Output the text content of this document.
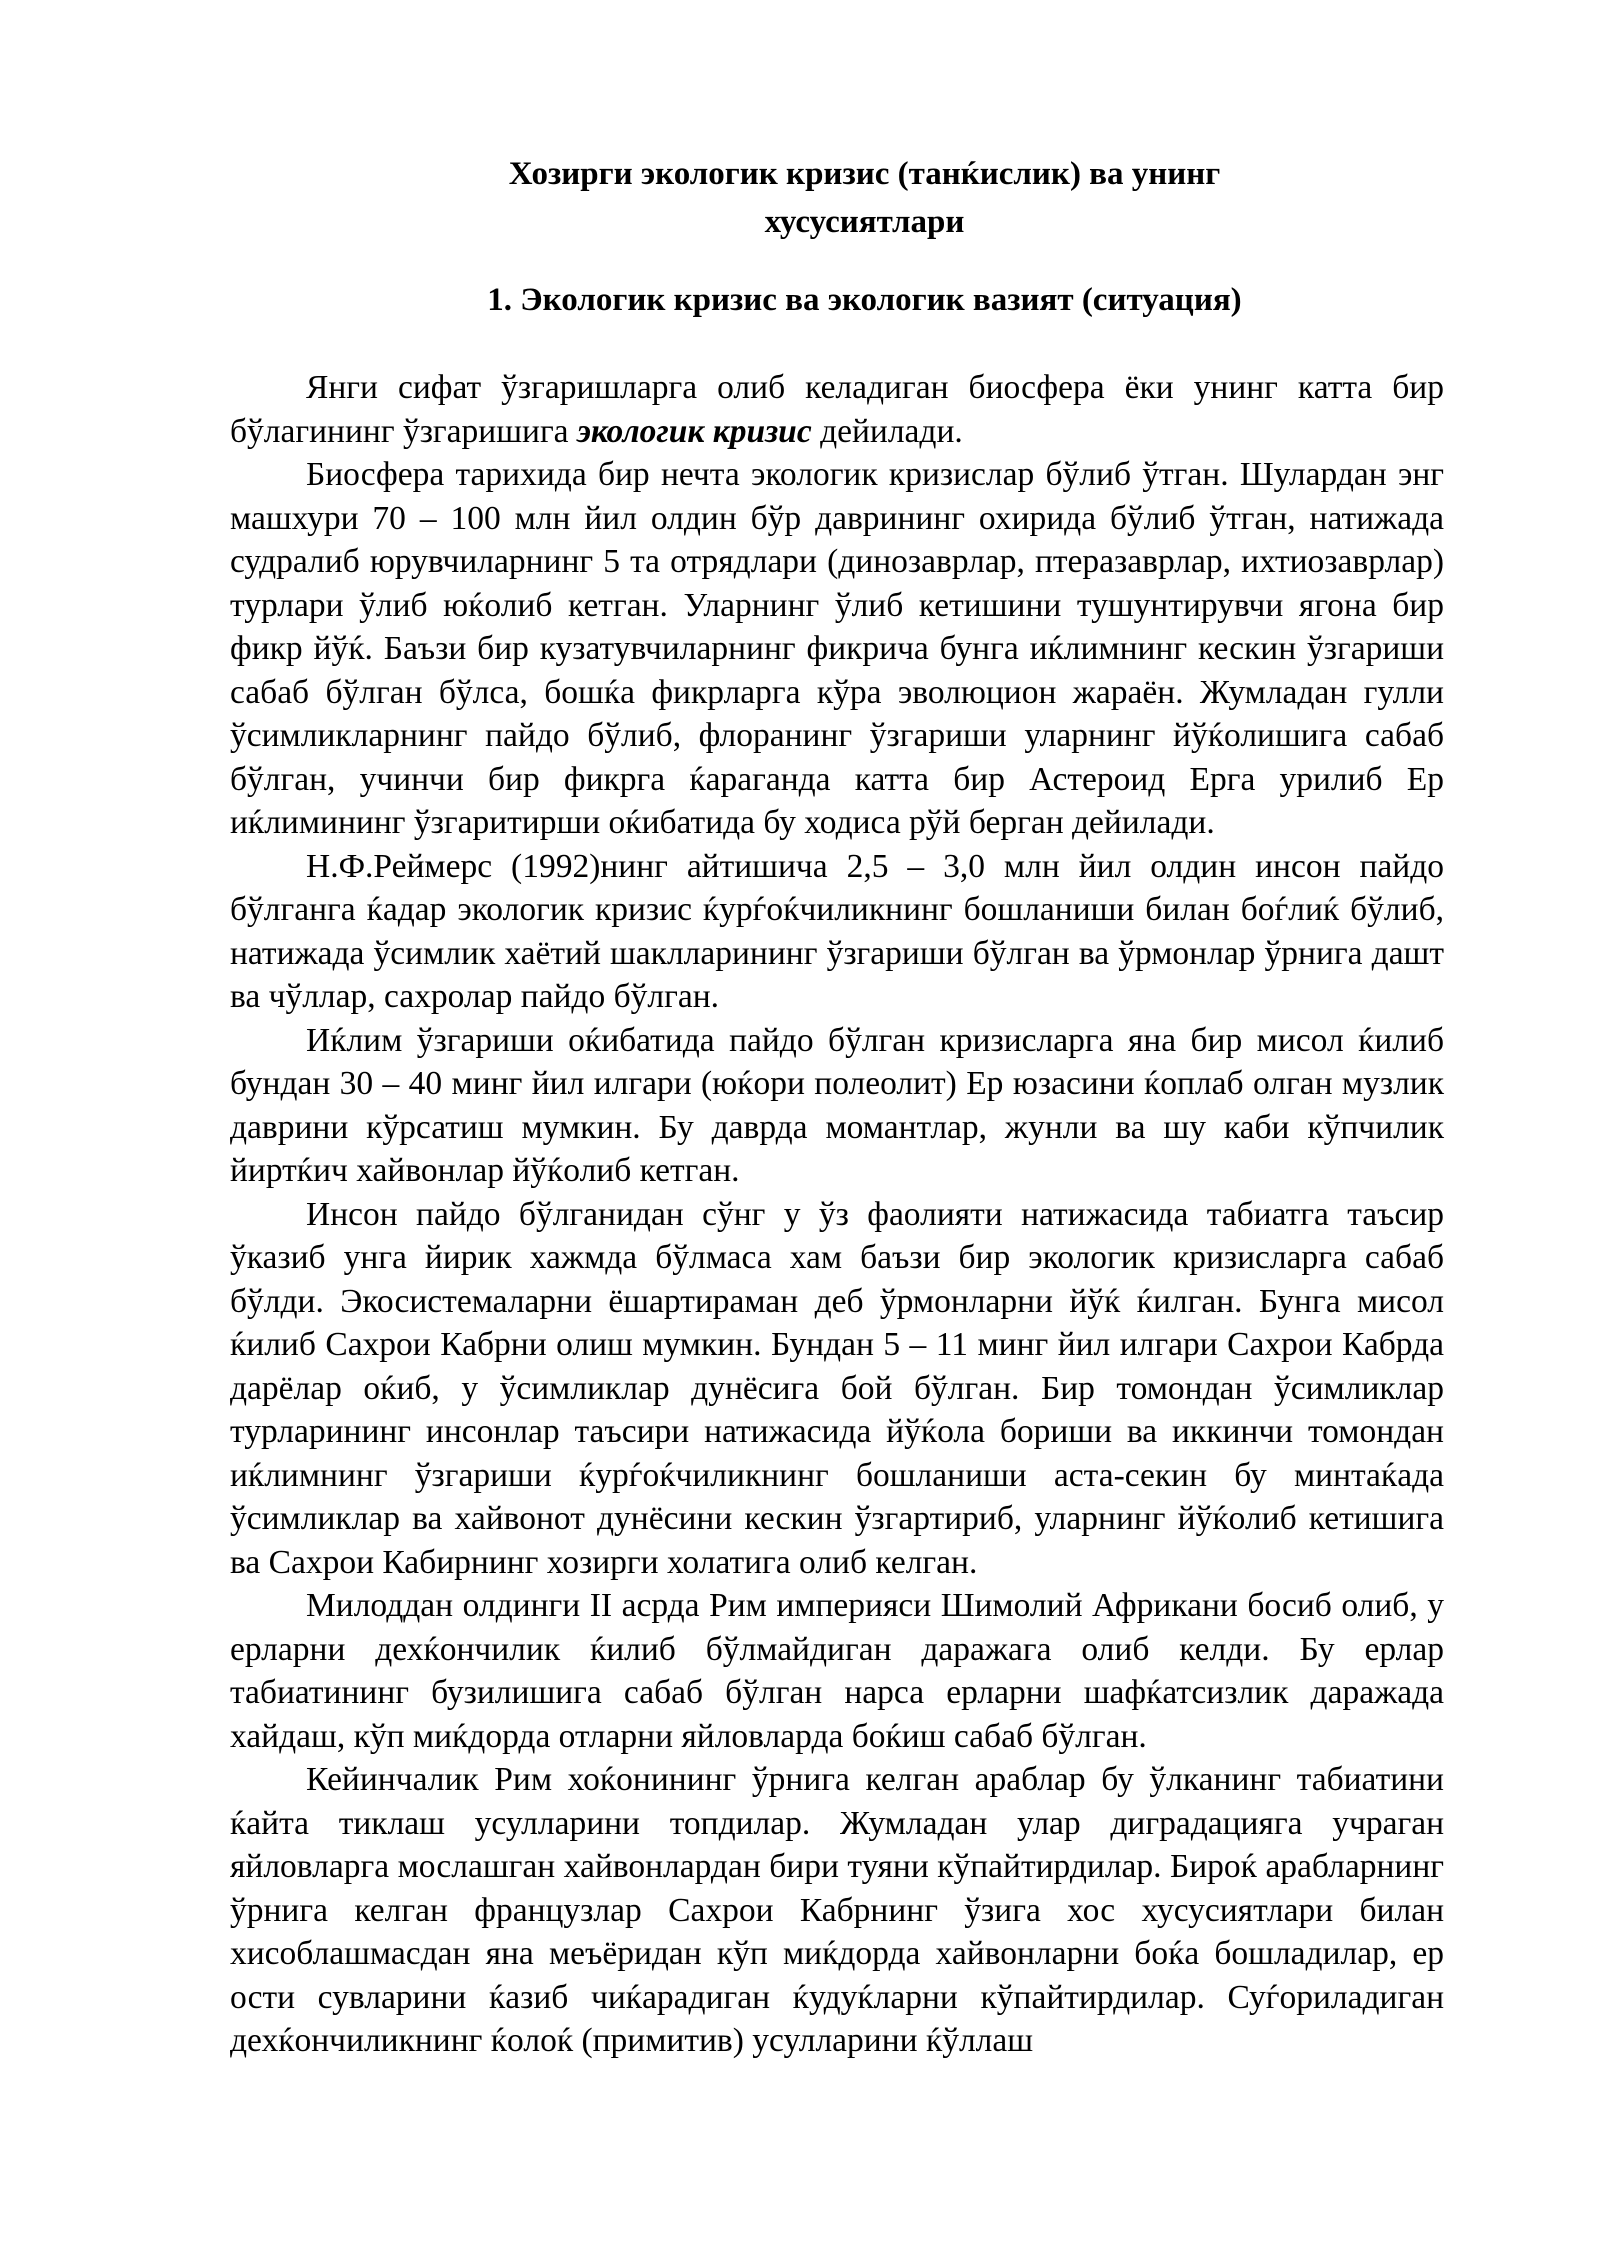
Хозирги экологик кризис (танќислик) ва унинг
хусусиятлари
1. Экологик кризис ва экологик вазият (ситуация)

Янги сифат ўзгаришларга олиб келадиган биосфера ёки унинг катта бир бўлагининг ўзгаришига экологик кризис дейилади.

Биосфера тарихида бир нечта экологик кризислар бўлиб ўтган. Шулардан энг машхури 70 – 100 млн йил олдин бўр даврининг охирида бўлиб ўтган, натижада судралиб юрувчиларнинг 5 та отрядлари (динозаврлар, птеразаврлар, ихтиозаврлар) турлари ўлиб юќолиб кетган. Уларнинг ўлиб кетишини тушунтирувчи ягона бир фикр йўќ. Баъзи бир кузатувчиларнинг фикрича бунга иќлимнинг кескин ўзгариши сабаб бўлган бўлса, бошќа фикрларга кўра эволюцион жараён. Жумладан гулли ўсимликларнинг пайдо бўлиб, флоранинг ўзгариши уларнинг йўќолишига сабаб бўлган, учинчи бир фикрга ќараганда катта бир Астероид Ерга урилиб Ер иќлимининг ўзгаритирши оќибатида бу ходиса рўй берган дейилади.

Н.Ф.Реймерс (1992)нинг айтишича 2,5 – 3,0 млн йил олдин инсон пайдо бўлганга ќадар экологик кризис ќурѓоќчиликнинг бошланиши билан боѓлиќ бўлиб, натижада ўсимлик хаётий шаклларининг ўзгариши бўлган ва ўрмонлар ўрнига дашт ва чўллар, сахролар пайдо бўлган.

Иќлим ўзгариши оќибатида пайдо бўлган кризисларга яна бир мисол ќилиб бундан 30 – 40 минг йил илгари (юќори полеолит) Ер юзасини ќоплаб олган музлик даврини кўрсатиш мумкин. Бу даврда момантлар, жунли ва шу каби кўпчилик йиртќич хайвонлар йўќолиб кетган.

Инсон пайдо бўлганидан сўнг у ўз фаолияти натижасида табиатга таъсир ўказиб унга йирик хажмда бўлмаса хам баъзи бир экологик кризисларга сабаб бўлди. Экосистемаларни ёшартираман деб ўрмонларни йўќ ќилган. Бунга мисол ќилиб Сахрои Кабрни олиш мумкин. Бундан 5 – 11 минг йил илгари Сахрои Кабрда дарёлар оќиб, у ўсимликлар дунёсига бой бўлган. Бир томондан ўсимликлар турларининг инсонлар таъсири натижасида йўќола бориши ва иккинчи томондан иќлимнинг ўзгариши ќурѓоќчиликнинг бошланиши аста-секин бу минтаќада ўсимликлар ва хайвонот дунёсини кескин ўзгартириб, уларнинг йўќолиб кетишига ва Сахрои Кабирнинг хозирги холатига олиб келган.

Милоддан олдинги II асрда Рим империяси Шимолий Африкани босиб олиб, у ерларни дехќончилик ќилиб бўлмайдиган даражага олиб келди. Бу ерлар табиатининг бузилишига сабаб бўлган нарса ерларни шафќатсизлик даражада хайдаш, кўп миќдорда отларни яйловларда боќиш сабаб бўлган.

Кейинчалик Рим хоќонининг ўрнига келган араблар бу ўлканинг табиатини ќайта тиклаш усулларини топдилар. Жумладан улар диградацияга учраган яйловларга мослашган хайвонлардан бири туяни кўпайтирдилар. Бироќ арабларнинг ўрнига келган французлар Сахрои Кабрнинг ўзига хос хусусиятлари билан хисоблашмасдан яна меъёридан кўп миќдорда хайвонларни боќа бошладилар, ер ости сувларини ќазиб чиќарадиган ќудуќларни кўпайтирдилар. Суѓориладиган дехќончиликнинг ќолоќ (примитив) усулларини ќўллаш
